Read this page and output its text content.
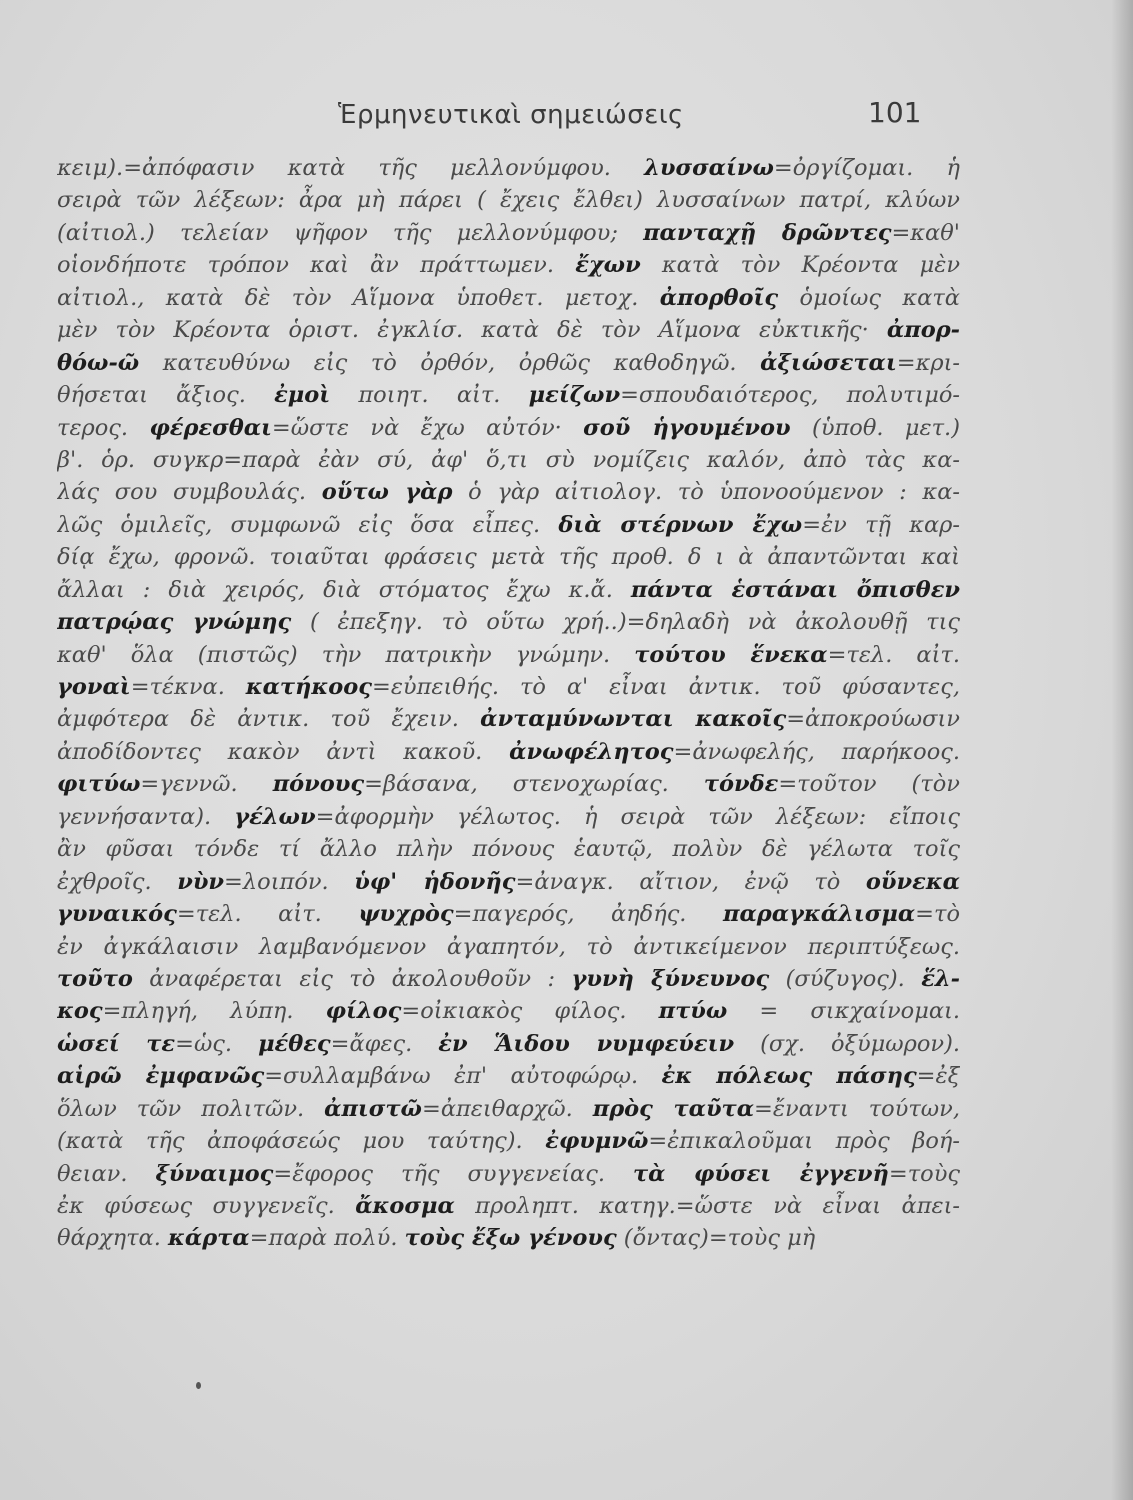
Ἑρμηνευτικαὶ σημειώσεις	101
κειμ).=ἀπόφασιν κατὰ τῆς μελλονύμφου. λυσσαίνω=ὀργίζομαι. ἡ
σειρὰ τῶν λέξεων: ἆρα μὴ πάρει ( ἔχεις ἔλθει) λυσσαίνων πατρί, κλύων
(αἰτιολ.) τελείαν ψῆφον τῆς μελλονύμφου; πανταχῇ δρῶντες=καθ'
οἱονδήποτε τρόπον καὶ ἂν πράττωμεν. ἔχων κατὰ τὸν Κρέοντα μὲν
αἰτιολ., κατὰ δὲ τὸν Αἵμονα ὑποθετ. μετοχ. ἀπορθοῖς ὁμοίως κατὰ
μὲν τὸν Κρέοντα ὁριστ. ἐγκλίσ. κατὰ δὲ τὸν Αἵμονα εὐκτικῆς· ἀπορ-
θόω-ῶ κατευθύνω εἰς τὸ ὀρθόν, ὀρθῶς καθοδηγῶ. ἀξιώσεται=κρι-
θήσεται ἄξιος. ἐμοὶ ποιητ. αἰτ. μείζων=σπουδαιότερος, πολυτιμό-
τερος. φέρεσθαι=ὥστε νὰ ἔχω αὐτόν· σοῦ ἡγουμένου (ὑποθ. μετ.)
β'. ὁρ. συγκρ=παρὰ ἐὰν σύ, ἀφ' ὅ,τι σὺ νομίζεις καλόν, ἀπὸ τὰς κα-
λάς σου συμβουλάς. οὕτω γὰρ ὁ γὰρ αἰτιολογ. τὸ ὑπονοούμενον : κα-
λῶς ὁμιλεῖς, συμφωνῶ εἰς ὅσα εἶπες. διὰ στέρνων ἔχω=ἐν τῇ καρ-
δίᾳ ἔχω, φρονῶ. τοιαῦται φράσεις μετὰ τῆς προθ. δ ι ὰ ἀπαντῶνται καὶ
ἄλλαι : διὰ χειρός, διὰ στόματος ἔχω κ.ἄ. πάντα ἑστάναι ὄπισθεν
πατρῴας γνώμης ( ἐπεξηγ. τὸ οὕτω χρή..)=δηλαδὴ νὰ ἀκολουθῇ τις
καθ' ὅλα (πιστῶς) τὴν πατρικὴν γνώμην. τούτου ἕνεκα=τελ. αἰτ.
γοναὶ=τέκνα. κατήκοος=εὐπειθής. τὸ α' εἶναι ἀντικ. τοῦ φύσαντες,
ἀμφότερα δὲ ἀντικ. τοῦ ἔχειν. ἀνταμύνωνται κακοῖς=ἀποκρούωσιν
ἀποδίδοντες κακὸν ἀντὶ κακοῦ. ἀνωφέλητος=ἀνωφελής, παρήκοος.
φιτύω=γεννῶ. πόνους=βάσανα, στενοχωρίας. τόνδε=τοῦτον (τὸν
γεννήσαντα). γέλων=ἀφορμὴν γέλωτος. ἡ σειρὰ τῶν λέξεων: εἴποις
ἂν φῦσαι τόνδε τί ἄλλο πλὴν πόνους ἑαυτῷ, πολὺν δὲ γέλωτα τοῖς
ἐχθροῖς. νὺν=λοιπόν. ὑφ' ἡδονῆς=ἀναγκ. αἴτιον, ἐνῷ τὸ οὕνεκα
γυναικός=τελ. αἰτ. ψυχρὸς=παγερός, ἀηδής. παραγκάλισμα=τὸ
ἐν ἀγκάλαισιν λαμβανόμενον ἀγαπητόν, τὸ ἀντικείμενον περιπτύξεως.
τοῦτο ἀναφέρεται εἰς τὸ ἀκολουθοῦν : γυνὴ ξύνευνος (σύζυγος). ἕλ-
κος=πληγή, λύπη. φίλος=οἰκιακὸς φίλος. πτύω = σικχαίνομαι.
ὡσεί τε=ὡς. μέθες=ἄφες. ἐν Ἅιδου νυμφεύειν (σχ. ὀξύμωρον).
αἱρῶ ἐμφανῶς=συλλαμβάνω ἐπ' αὐτοφώρῳ. ἐκ πόλεως πάσης=ἐξ
ὅλων τῶν πολιτῶν. ἀπιστῶ=ἀπειθαρχῶ. πρὸς ταῦτα=ἔναντι τούτων,
(κατὰ τῆς ἀποφάσεώς μου ταύτης). ἐφυμνῶ=ἐπικαλοῦμαι πρὸς βοή-
θειαν. ξύναιμος=ἔφορος τῆς συγγενείας. τὰ φύσει ἐγγενῆ=τοὺς
ἐκ φύσεως συγγενεῖς. ἄκοσμα προληπτ. κατηγ.=ὥστε νὰ εἶναι ἀπει-
θάρχητα. κάρτα=παρὰ πολύ. τοὺς ἔξω γένους (ὄντας)=τοὺς μὴ
